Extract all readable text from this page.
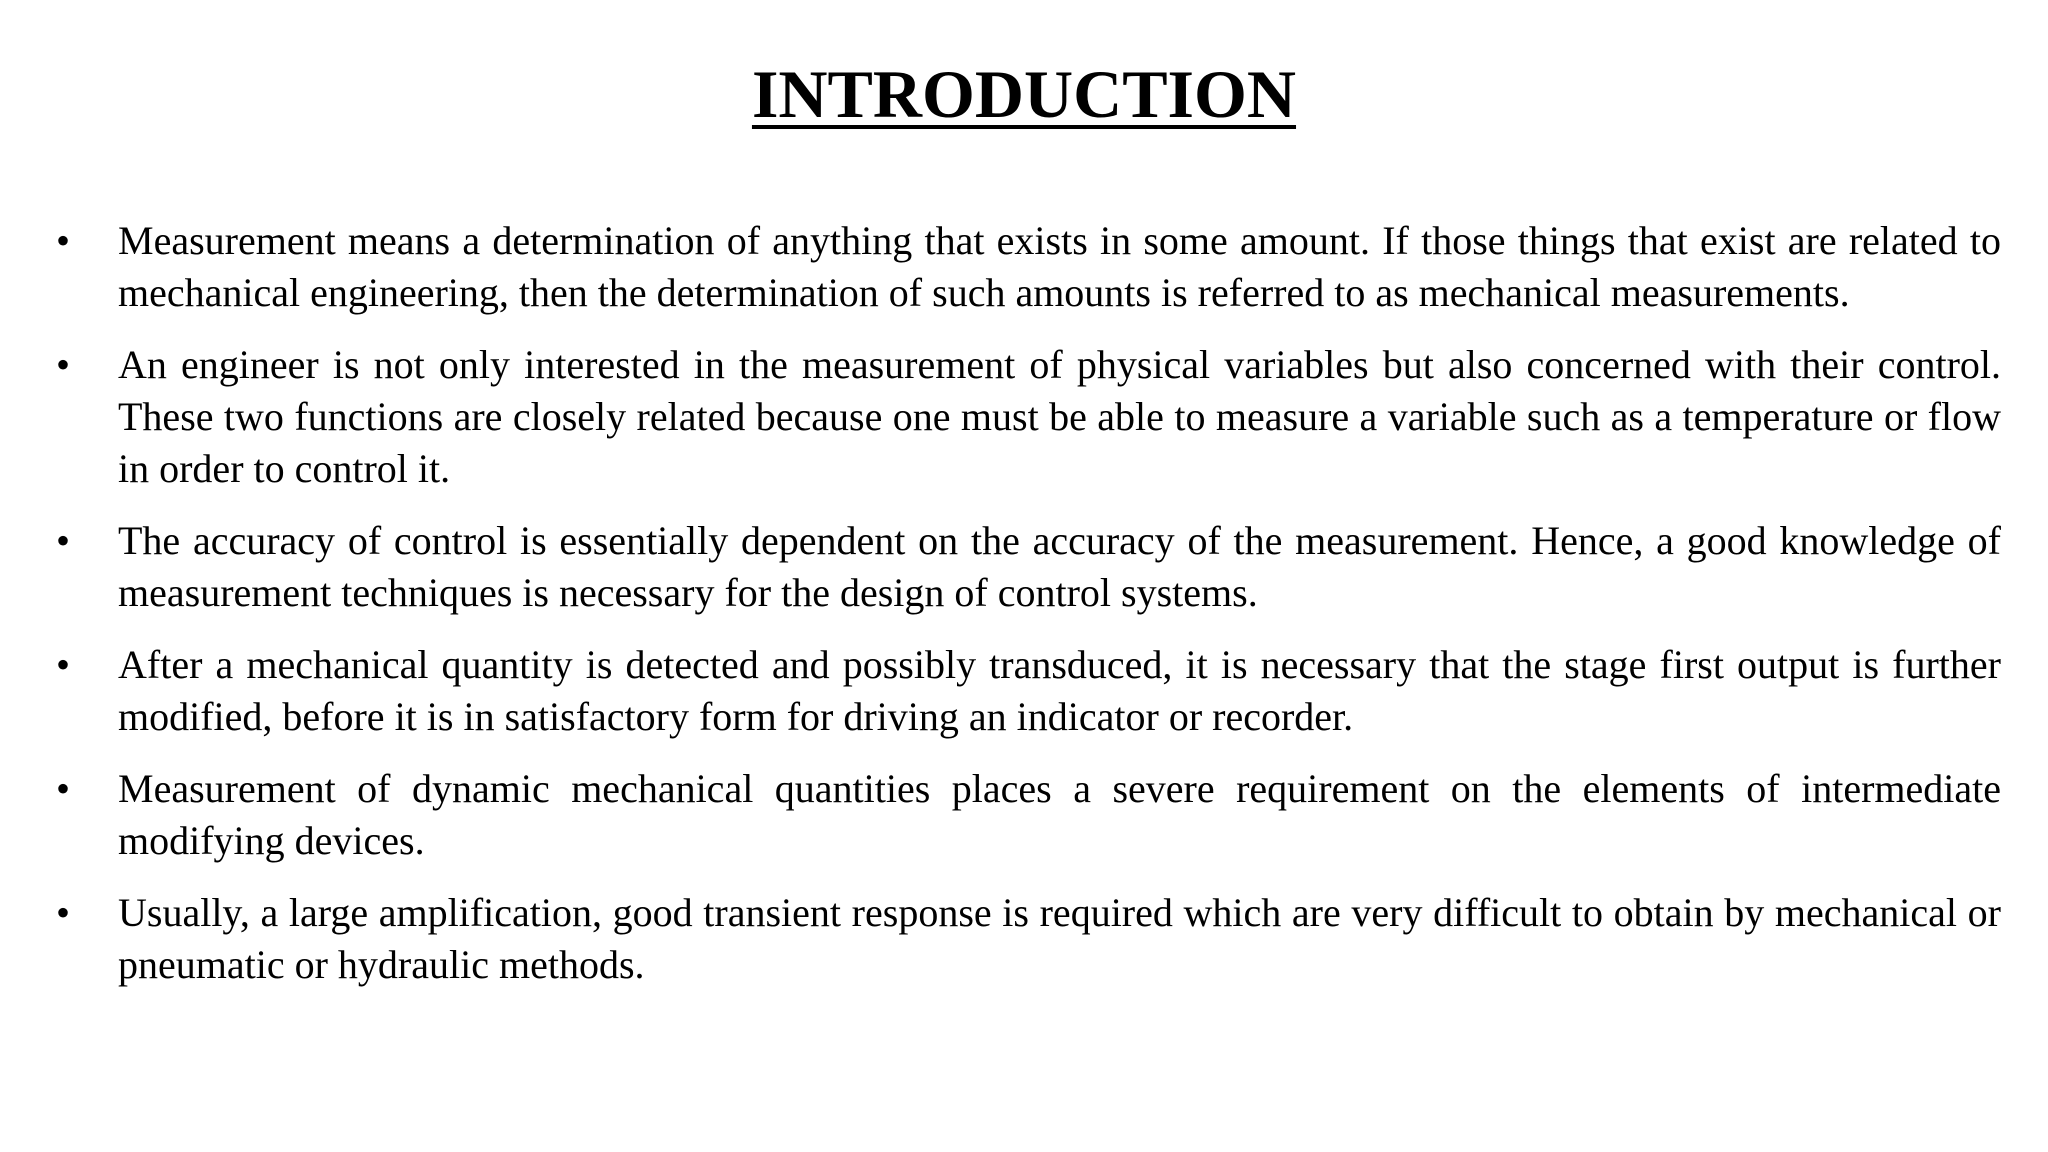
INTRODUCTION
• Measurement means a determination of anything that exists in some amount. If those things that exist are related to mechanical engineering, then the determination of such amounts is referred to as mechanical measurements.
• An engineer is not only interested in the measurement of physical variables but also concerned with their control. These two functions are closely related because one must be able to measure a variable such as a temperature or flow in order to control it.
• The accuracy of control is essentially dependent on the accuracy of the measurement. Hence, a good knowledge of measurement techniques is necessary for the design of control systems.
• After a mechanical quantity is detected and possibly transduced, it is necessary that the stage first output is further modified, before it is in satisfactory form for driving an indicator or recorder.
• Measurement of dynamic mechanical quantities places a severe requirement on the elements of intermediate modifying devices.
• Usually, a large amplification, good transient response is required which are very difficult to obtain by mechanical or pneumatic or hydraulic methods.
